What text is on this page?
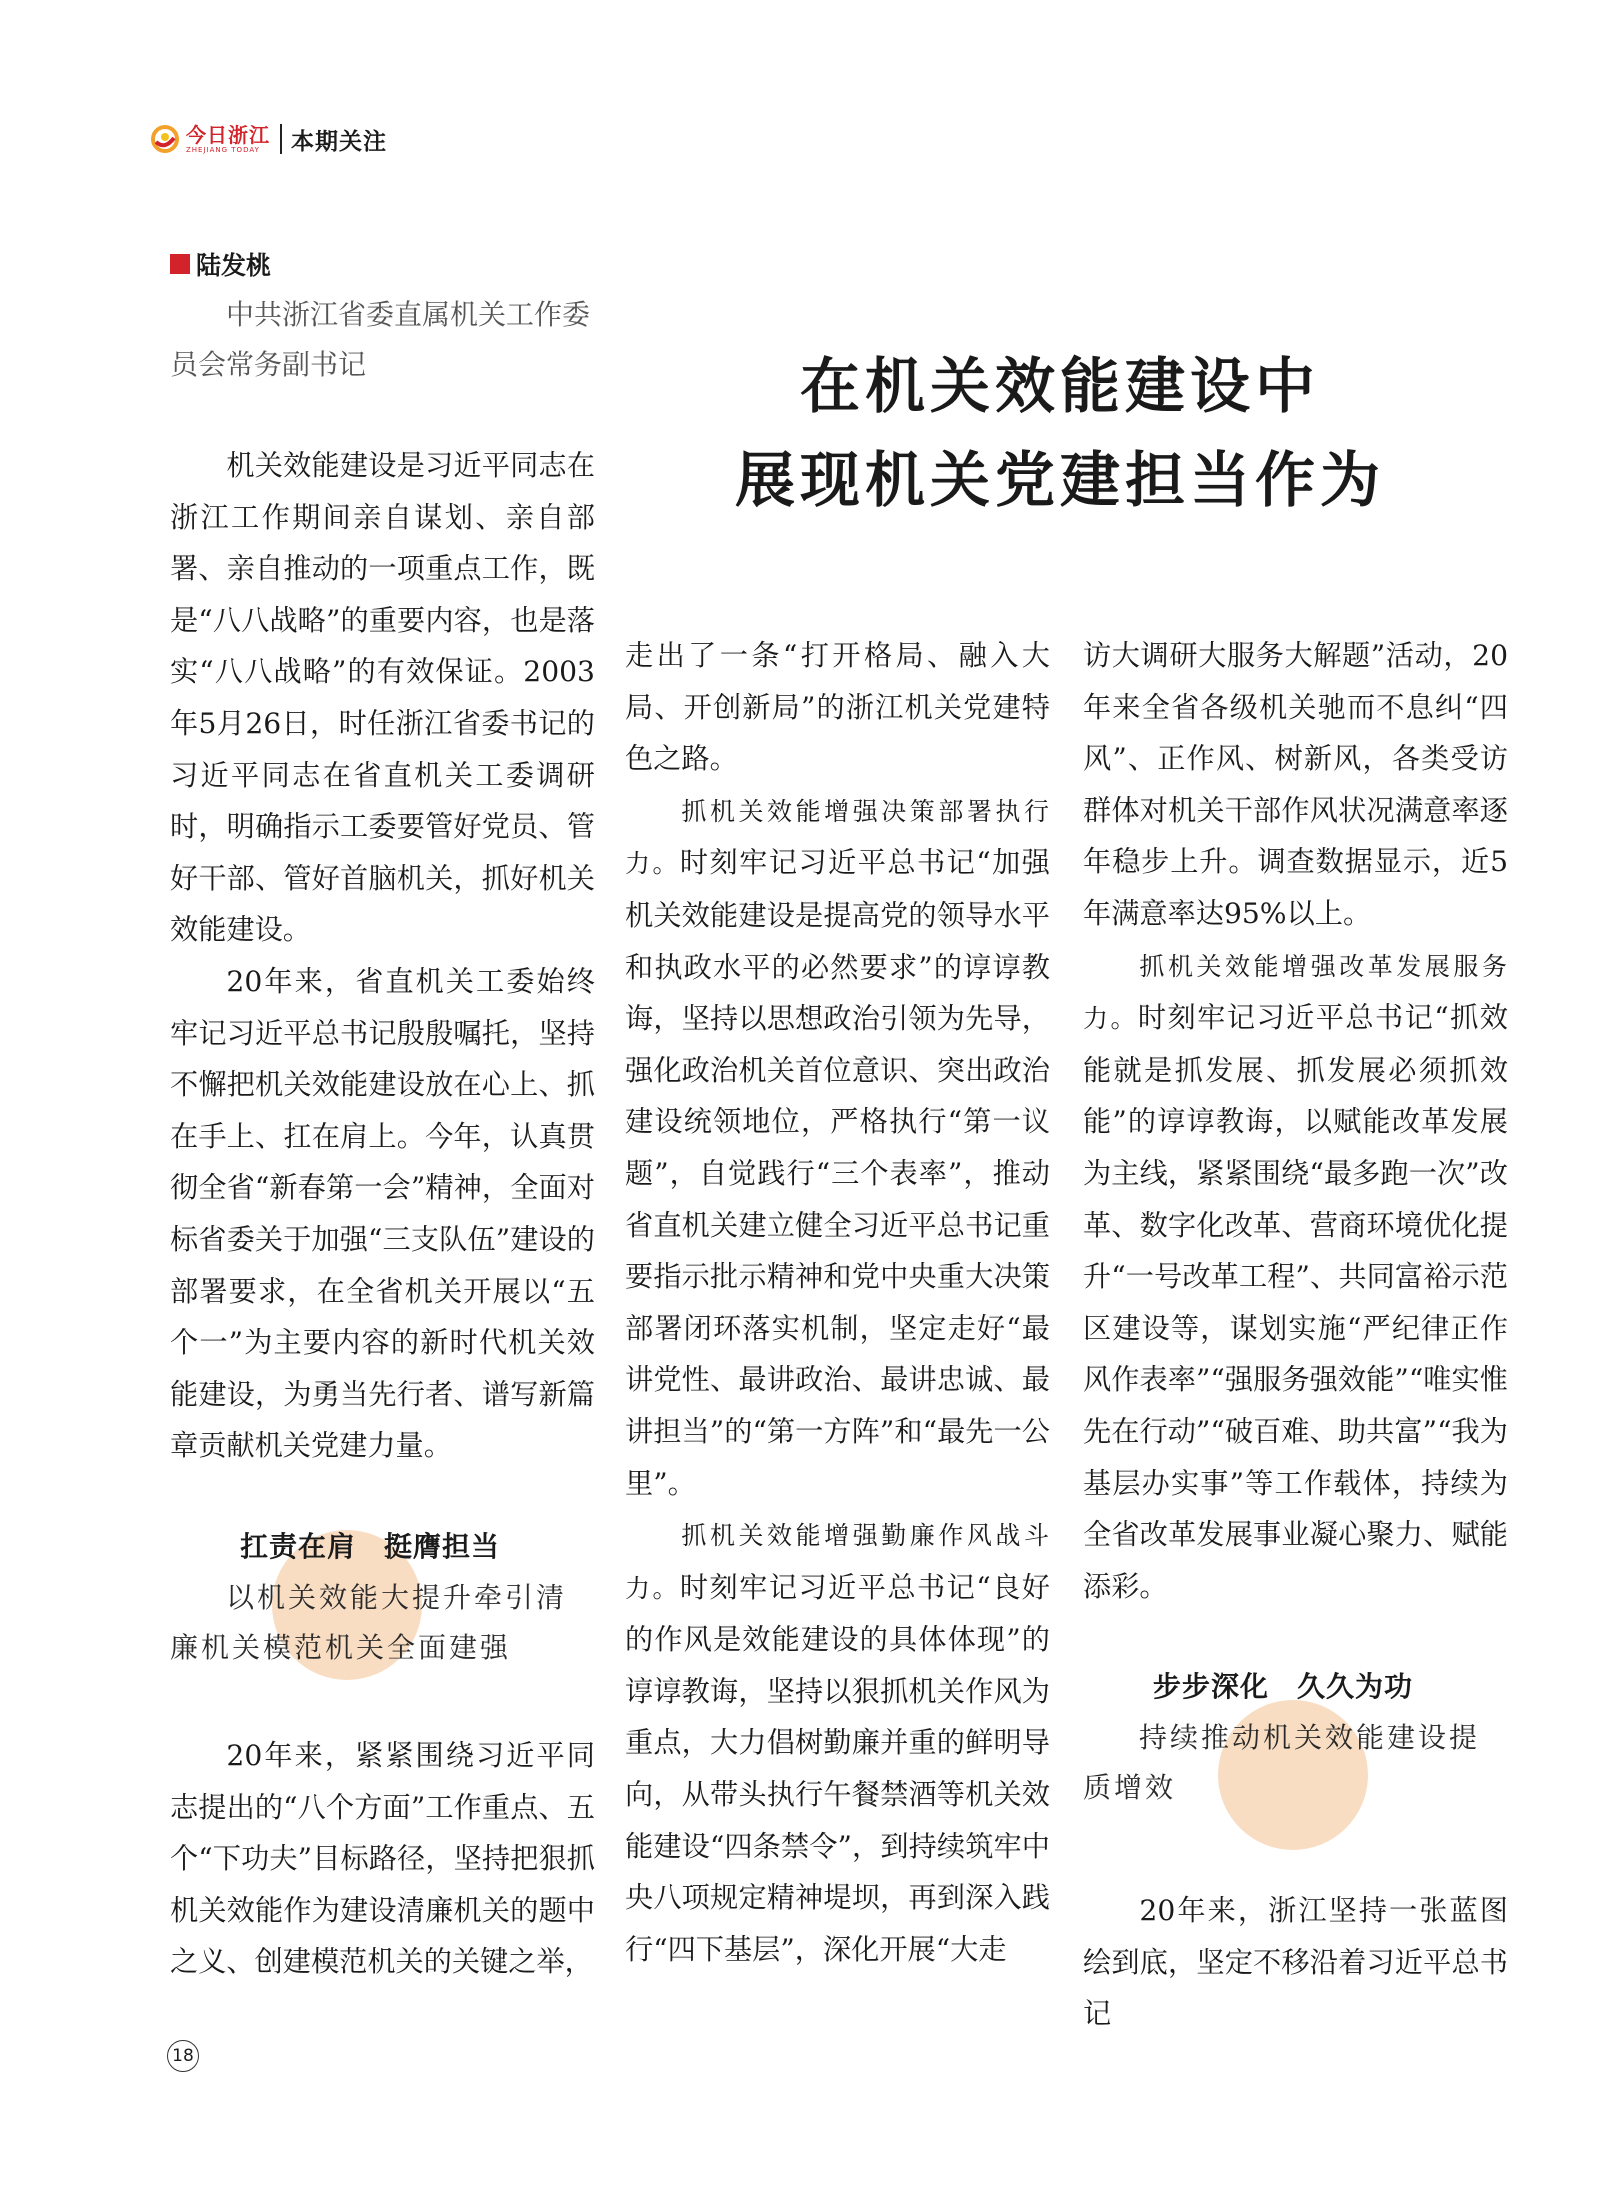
今日浙江
ZHEJIANG TODAY	本期关注
陆发桃
中共浙江省委直属机关工作委员会常务副书记	在机关效能建设中
展现机关党建担当作为

机关效能建设是习近平同志在浙江工作期间亲自谋划、亲自部署、亲自推动的一项重点工作，既是“八八战略”的重要内容，也是落实“八八战略”的有效保证。2003年5月26日，时任浙江省委书记的习近平同志在省直机关工委调研时，明确指示工委要管好党员、管好干部、管好首脑机关，抓好机关效能建设。

20年来，省直机关工委始终牢记习近平总书记殷殷嘱托，坚持不懈把机关效能建设放在心上、抓在手上、扛在肩上。今年，认真贯彻全省“新春第一会”精神，全面对标省委关于加强“三支队伍”建设的部署要求，在全省机关开展以“五个一”为主要内容的新时代机关效能建设，为勇当先行者、谱写新篇章贡献机关党建力量。

扛责在肩 挺膺担当
以机关效能大提升牵引清廉机关模范机关全面建强

20年来，紧紧围绕习近平同志提出的“八个方面”工作重点、五个“下功夫”目标路径，坚持把狠抓机关效能作为建设清廉机关的题中之义、创建模范机关的关键之举，

走出了一条“打开格局、融入大局、开创新局”的浙江机关党建特色之路。

抓机关效能增强决策部署执行力。时刻牢记习近平总书记“加强机关效能建设是提高党的领导水平和执政水平的必然要求”的谆谆教诲，坚持以思想政治引领为先导，强化政治机关首位意识、突出政治建设统领地位，严格执行“第一议题”，自觉践行“三个表率”，推动省直机关建立健全习近平总书记重要指示批示精神和党中央重大决策部署闭环落实机制，坚定走好“最讲党性、最讲政治、最讲忠诚、最讲担当”的“第一方阵”和“最先一公里”。

抓机关效能增强勤廉作风战斗力。时刻牢记习近平总书记“良好的作风是效能建设的具体体现”的谆谆教诲，坚持以狠抓机关作风为重点，大力倡树勤廉并重的鲜明导向，从带头执行午餐禁酒等机关效能建设“四条禁令”，到持续筑牢中央八项规定精神堤坝，再到深入践行“四下基层”，深化开展“大走

访大调研大服务大解题”活动，20年来全省各级机关驰而不息纠“四风”、正作风、树新风，各类受访群体对机关干部作风状况满意率逐年稳步上升。调查数据显示，近5年满意率达95%以上。

抓机关效能增强改革发展服务力。时刻牢记习近平总书记“抓效能就是抓发展、抓发展必须抓效能”的谆谆教诲，以赋能改革发展为主线，紧紧围绕“最多跑一次”改革、数字化改革、营商环境优化提升“一号改革工程”、共同富裕示范区建设等，谋划实施“严纪律正作风作表率”“强服务强效能”“唯实惟先在行动”“破百难、助共富”“我为基层办实事”等工作载体，持续为全省改革发展事业凝心聚力、赋能添彩。

步步深化 久久为功
持续推动机关效能建设提质增效

20年来，浙江坚持一张蓝图绘到底，坚定不移沿着习近平总书记

18
